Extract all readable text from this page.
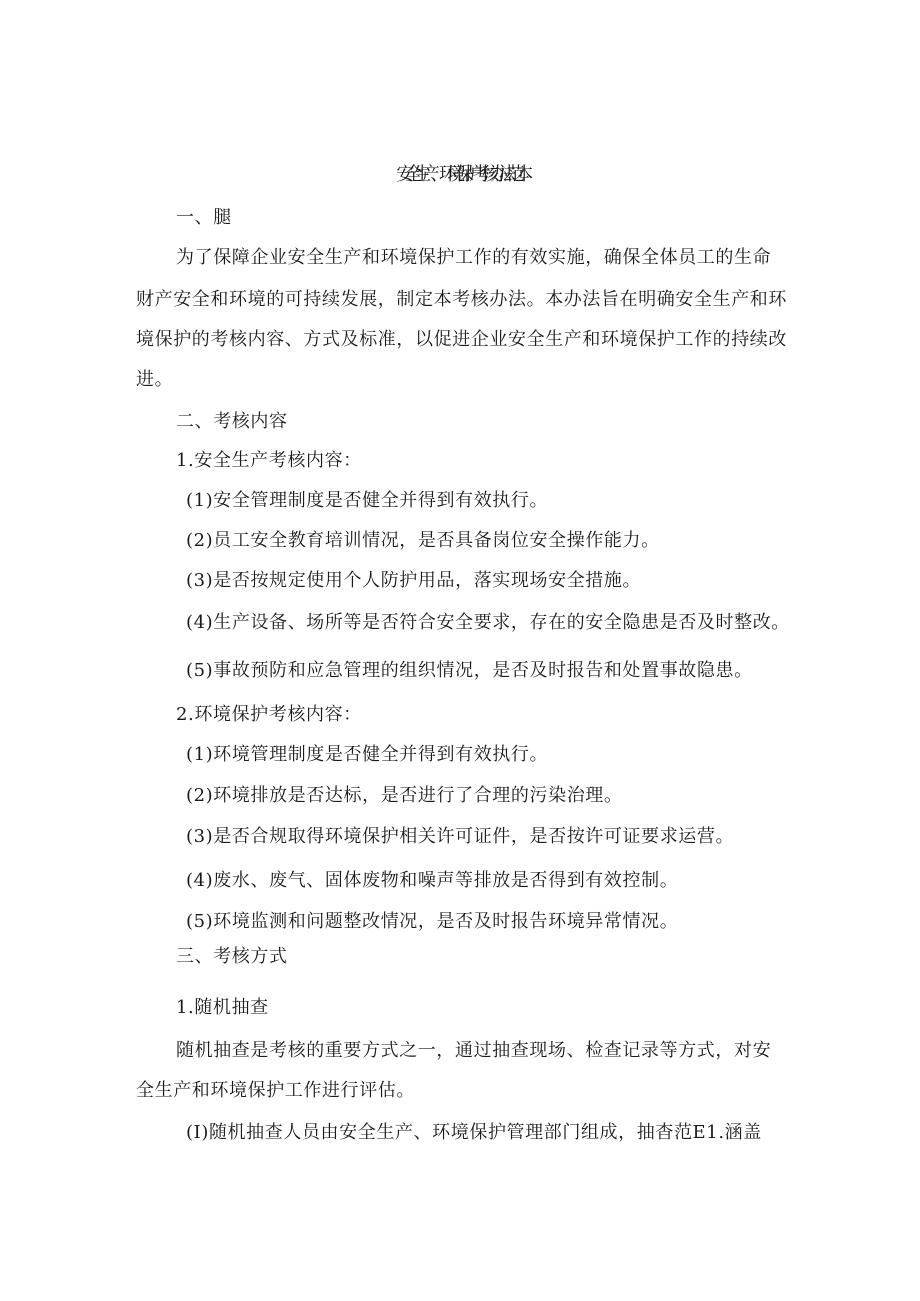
安全生产、环境保护考核办法范本
一、腿
为了保障企业安全生产和环境保护工作的有效实施，确保全体员工的生命
财产安全和环境的可持续发展，制定本考核办法。本办法旨在明确安全生产和环
境保护的考核内容、方式及标准，以促进企业安全生产和环境保护工作的持续改
进。
二、考核内容
1.安全生产考核内容：
(1)安全管理制度是否健全并得到有效执行。
(2)员工安全教育培训情况，是否具备岗位安全操作能力。
(3)是否按规定使用个人防护用品，落实现场安全措施。
(4)生产设备、场所等是否符合安全要求，存在的安全隐患是否及时整改。
(5)事故预防和应急管理的组织情况，是否及时报告和处置事故隐患。
2.环境保护考核内容：
(1)环境管理制度是否健全并得到有效执行。
(2)环境排放是否达标，是否进行了合理的污染治理。
(3)是否合规取得环境保护相关许可证件，是否按许可证要求运营。
(4)废水、废气、固体废物和噪声等排放是否得到有效控制。
(5)环境监测和问题整改情况，是否及时报告环境异常情况。
三、考核方式
1.随机抽查
随机抽查是考核的重要方式之一，通过抽查现场、检查记录等方式，对安
全生产和环境保护工作进行评估。
(I)随机抽查人员由安全生产、环境保护管理部门组成，抽杳范E1.涵盖
